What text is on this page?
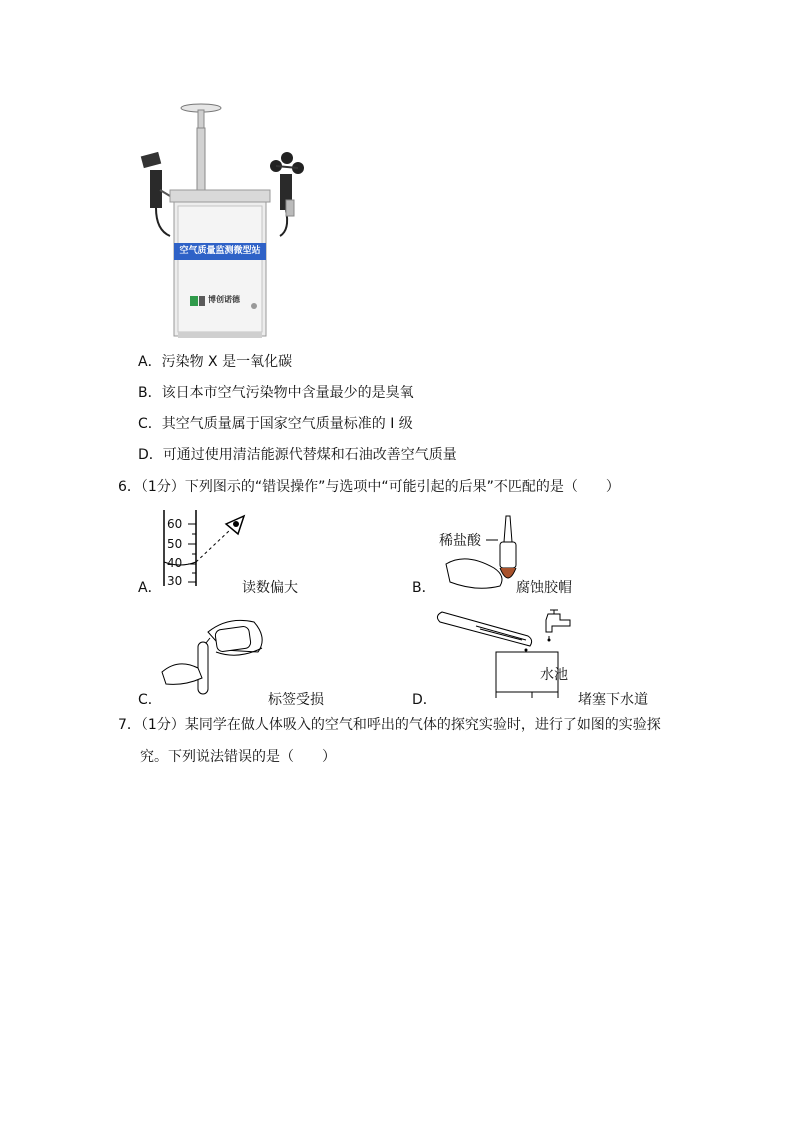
空气质量监测微型站
博创诺德
A．污染物 X 是一氧化碳
B．该日本市空气污染物中含量最少的是臭氧
C．其空气质量属于国家空气质量标准的 I 级
D．可通过使用清洁能源代替煤和石油改善空气质量
6．（1分）下列图示的“错误操作”与选项中“可能引起的后果”不匹配的是（　　）
60
50
40
30
A．	读数偏大
稀盐酸
B．	腐蚀胶帽
C．	标签受损
水池
D．	堵塞下水道
7．（1分）某同学在做人体吸入的空气和呼出的气体的探究实验时，进行了如图的实验探
究。下列说法错误的是（　　）
